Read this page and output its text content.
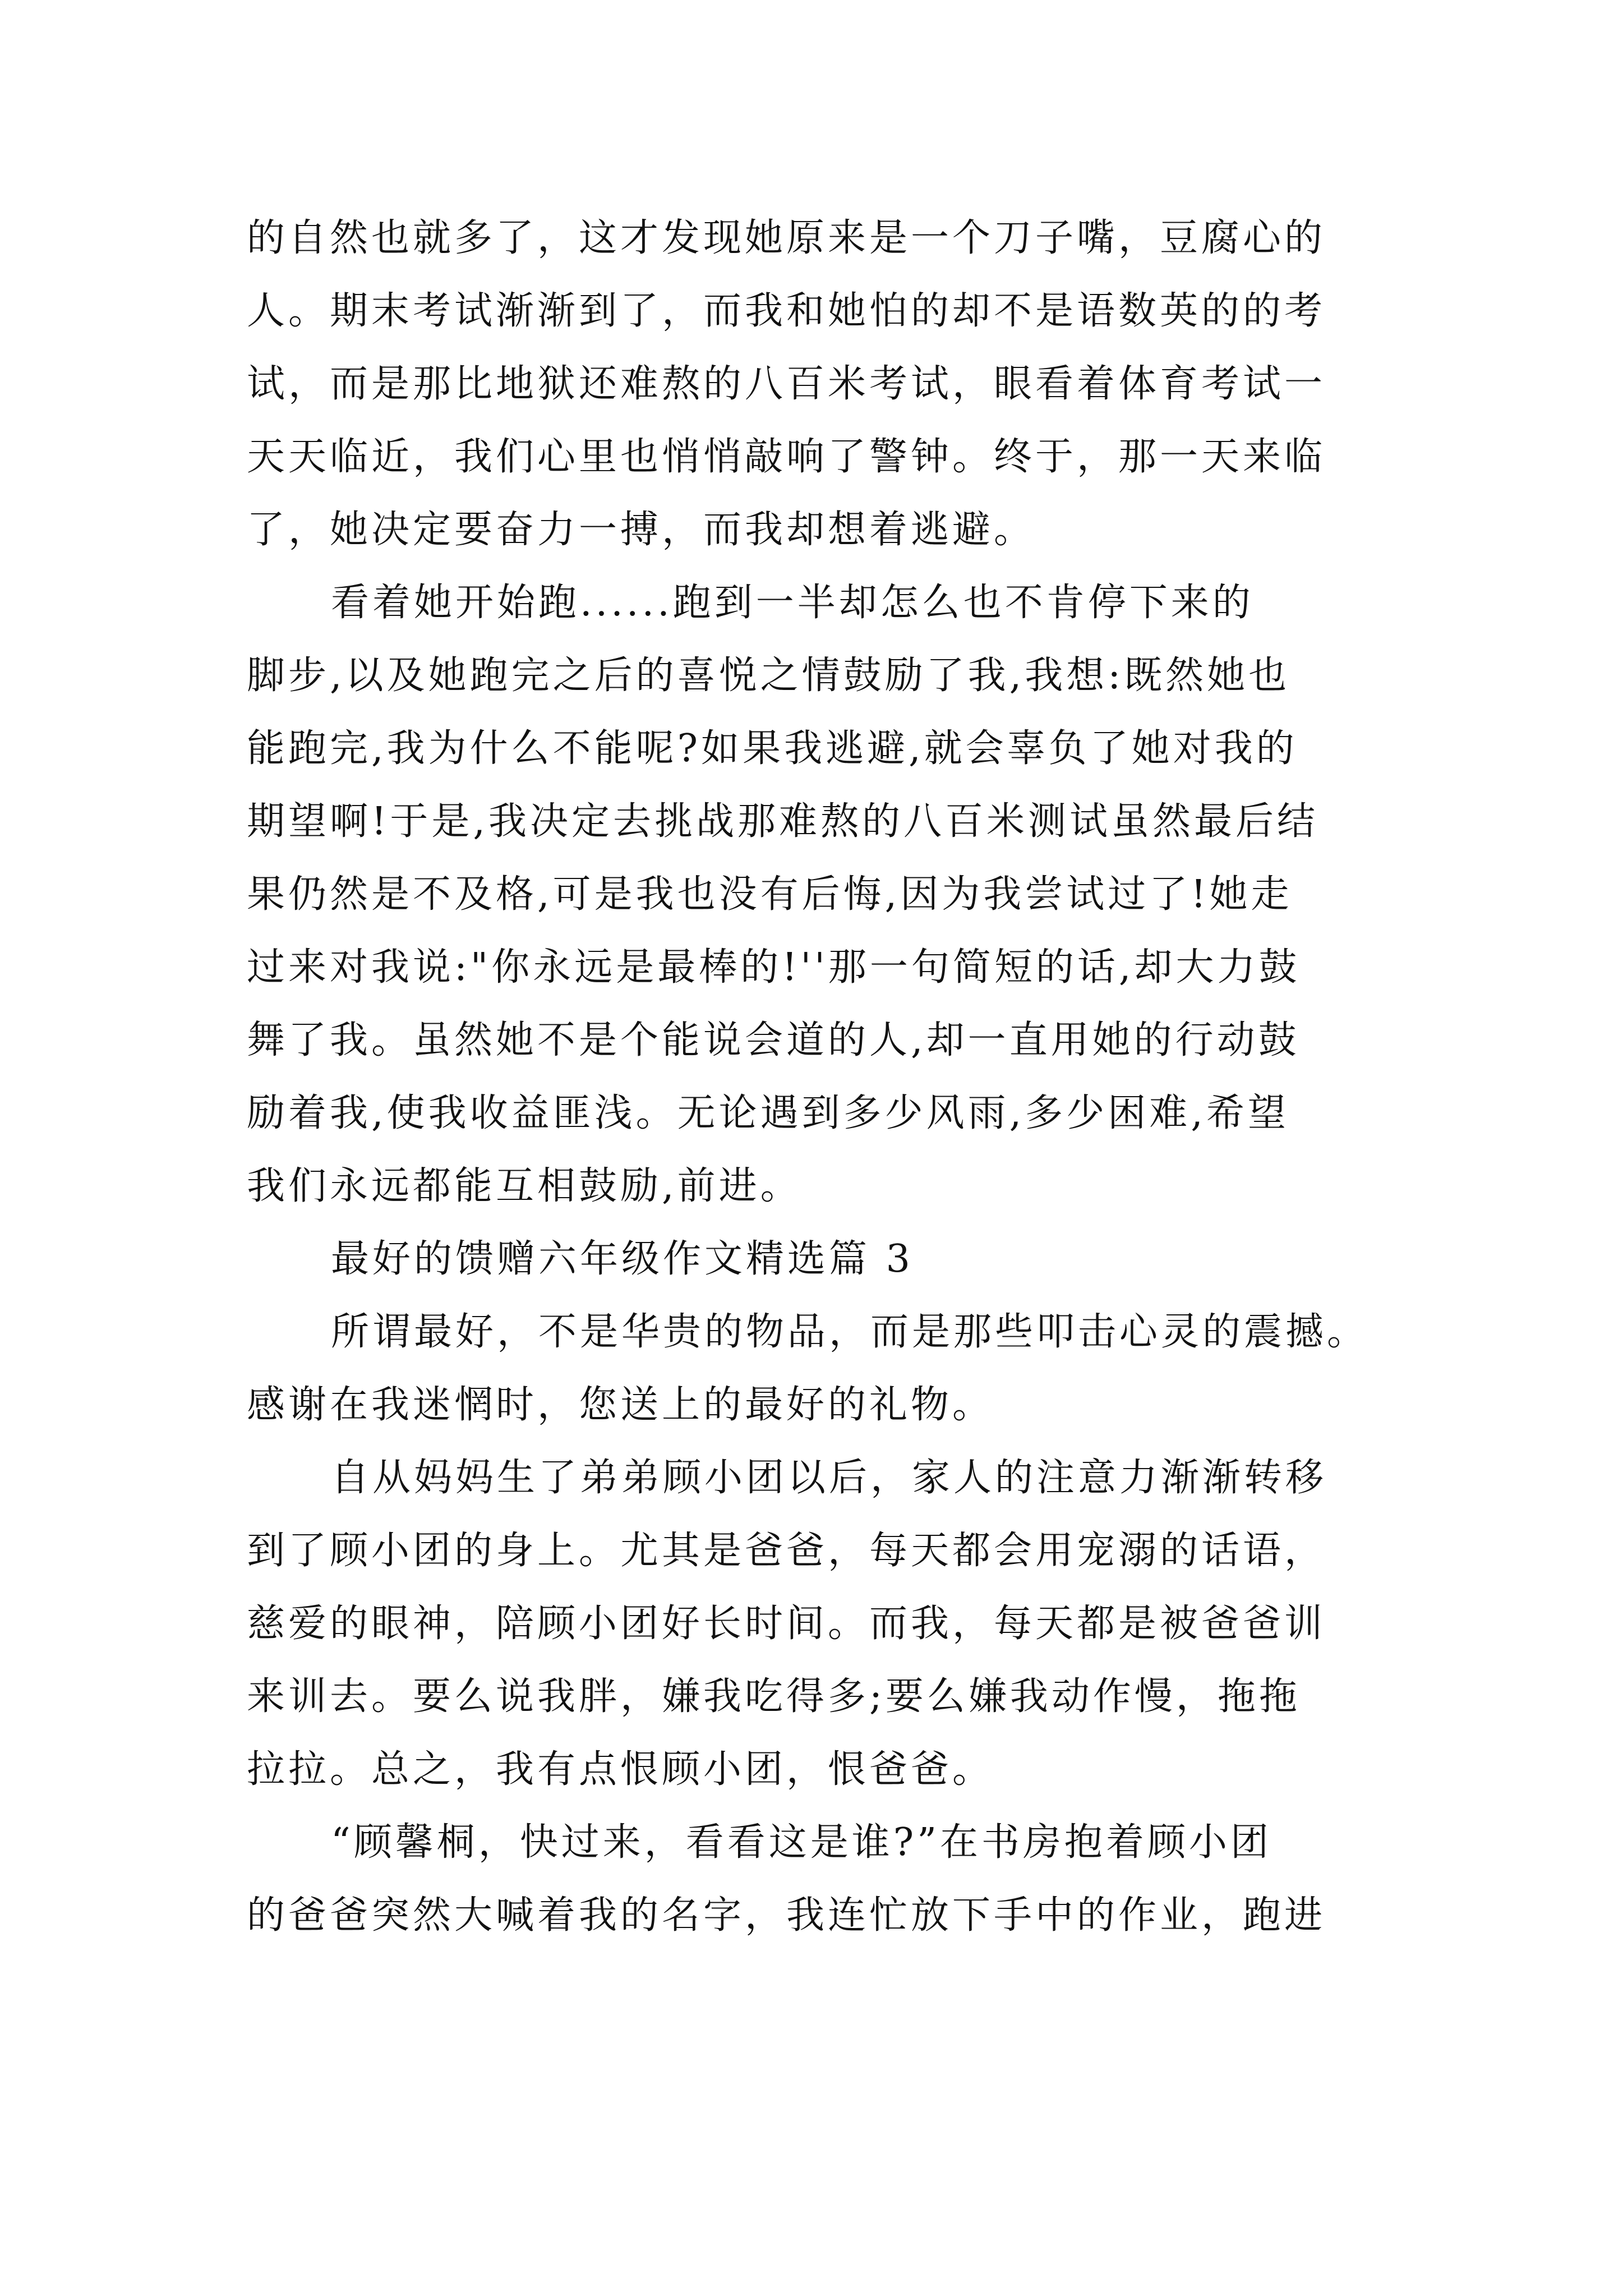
的自然也就多了，这才发现她原来是一个刀子嘴，豆腐心的
人。期末考试渐渐到了，而我和她怕的却不是语数英的的考
试，而是那比地狱还难熬的八百米考试，眼看着体育考试一
天天临近，我们心里也悄悄敲响了警钟。终于，那一天来临
了，她决定要奋力一搏，而我却想着逃避。
看着她开始跑......跑到一半却怎么也不肯停下来的
脚步,以及她跑完之后的喜悦之情鼓励了我,我想:既然她也
能跑完,我为什么不能呢?如果我逃避,就会辜负了她对我的
期望啊!于是,我决定去挑战那难熬的八百米测试虽然最后结
果仍然是不及格,可是我也没有后悔,因为我尝试过了!她走
过来对我说:"你永远是最棒的!''那一句简短的话,却大力鼓
舞了我。虽然她不是个能说会道的人,却一直用她的行动鼓
励着我,使我收益匪浅。无论遇到多少风雨,多少困难,希望
我们永远都能互相鼓励,前进。
最好的馈赠六年级作文精选篇 3
所谓最好，不是华贵的物品，而是那些叩击心灵的震撼。
感谢在我迷惘时，您送上的最好的礼物。
自从妈妈生了弟弟顾小团以后，家人的注意力渐渐转移
到了顾小团的身上。尤其是爸爸，每天都会用宠溺的话语，
慈爱的眼神，陪顾小团好长时间。而我，每天都是被爸爸训
来训去。要么说我胖，嫌我吃得多;要么嫌我动作慢，拖拖
拉拉。总之，我有点恨顾小团，恨爸爸。
“顾馨桐，快过来，看看这是谁?”在书房抱着顾小团
的爸爸突然大喊着我的名字，我连忙放下手中的作业，跑进
